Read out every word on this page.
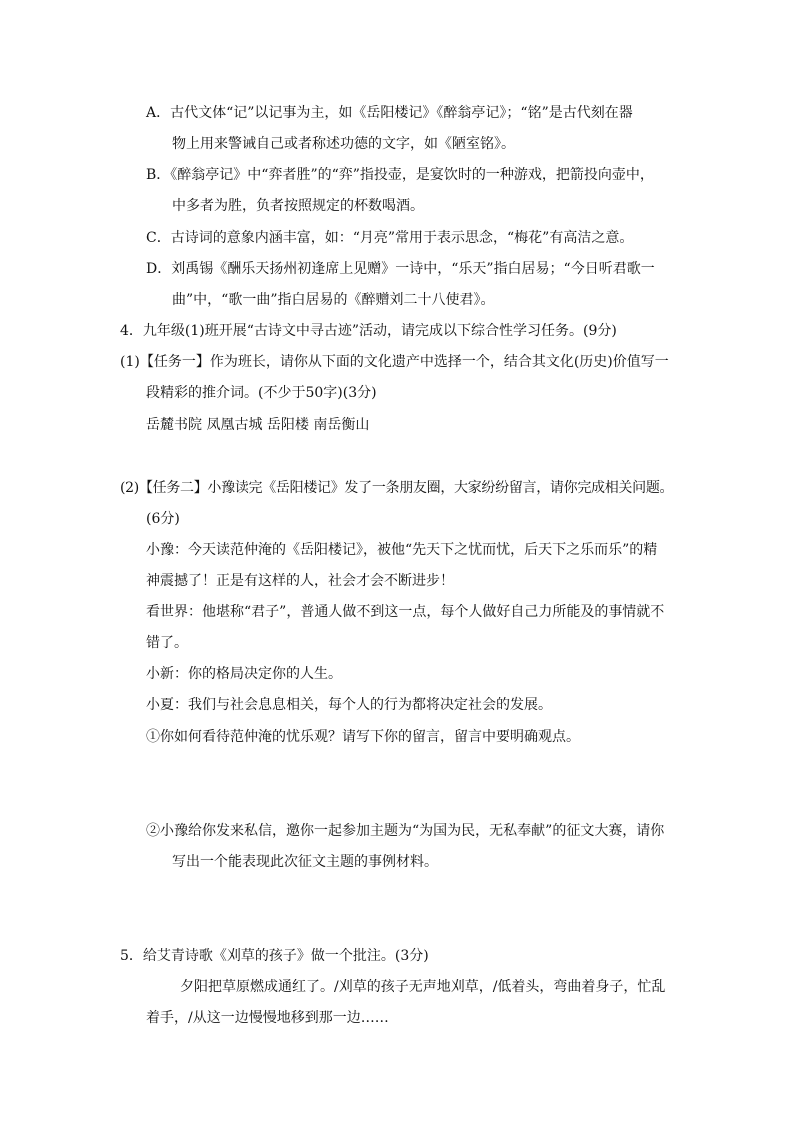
A．古代文体“记”以记事为主，如《岳阳楼记》《醉翁亭记》；“铭”是古代刻在器
物上用来警诫自己或者称述功德的文字，如《陋室铭》。
B．《醉翁亭记》中“弈者胜”的“弈”指投壶，是宴饮时的一种游戏，把箭投向壶中，
中多者为胜，负者按照规定的杯数喝酒。
C．古诗词的意象内涵丰富，如：“月亮”常用于表示思念，“梅花”有高洁之意。
D．刘禹锡《酬乐天扬州初逢席上见赠》一诗中，“乐天”指白居易；“今日听君歌一
曲”中，“歌一曲”指白居易的《醉赠刘二十八使君》。
4．九年级(1)班开展“古诗文中寻古迹”活动，请完成以下综合性学习任务。(9分)
(1)【任务一】作为班长，请你从下面的文化遗产中选择一个，结合其文化(历史)价值写一
段精彩的推介词。(不少于50字)(3分)
岳麓书院 凤凰古城 岳阳楼 南岳衡山
(2)【任务二】小豫读完《岳阳楼记》发了一条朋友圈，大家纷纷留言，请你完成相关问题。
(6分)
小豫：今天读范仲淹的《岳阳楼记》，被他“先天下之忧而忧，后天下之乐而乐”的精
神震撼了！正是有这样的人，社会才会不断进步！
看世界：他堪称“君子”，普通人做不到这一点，每个人做好自己力所能及的事情就不
错了。
小新：你的格局决定你的人生。
小夏：我们与社会息息相关，每个人的行为都将决定社会的发展。
①你如何看待范仲淹的忧乐观？请写下你的留言，留言中要明确观点。
②小豫给你发来私信，邀你一起参加主题为“为国为民，无私奉献”的征文大赛，请你
写出一个能表现此次征文主题的事例材料。
5．给艾青诗歌《刈草的孩子》做一个批注。(3分)
夕阳把草原燃成通红了。/刈草的孩子无声地刈草，/低着头，弯曲着身子，忙乱
着手，/从这一边慢慢地移到那一边……
